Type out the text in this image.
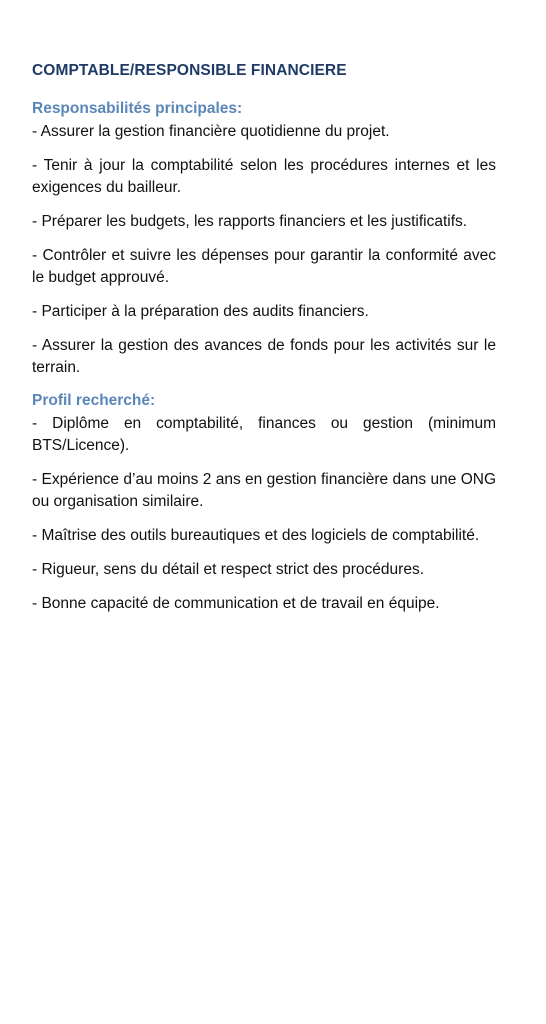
COMPTABLE/RESPONSIBLE FINANCIERE
Responsabilités principales:

- Assurer la gestion financière quotidienne du projet.

- Tenir à jour la comptabilité selon les procédures internes et les exigences du bailleur.

- Préparer les budgets, les rapports financiers et les justificatifs.

- Contrôler et suivre les dépenses pour garantir la conformité avec le budget approuvé.

- Participer à la préparation des audits financiers.

- Assurer la gestion des avances de fonds pour les activités sur le terrain.

Profil recherché:

- Diplôme en comptabilité, finances ou gestion (minimum BTS/Licence).

- Expérience d’au moins 2 ans en gestion financière dans une ONG ou organisation similaire.

- Maîtrise des outils bureautiques et des logiciels de comptabilité.

- Rigueur, sens du détail et respect strict des procédures.

- Bonne capacité de communication et de travail en équipe.
